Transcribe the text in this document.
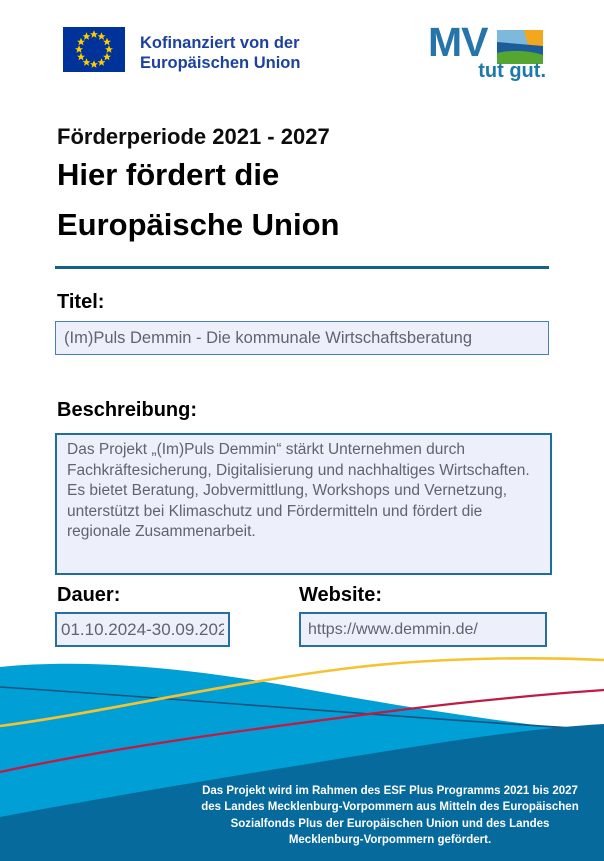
Kofinanziert von der
Europäischen Union	MV
tut gut.
Förderperiode 2021 - 2027
Hier fördert die
Europäische Union
Titel:
(Im)Puls Demmin - Die kommunale Wirtschaftsberatung
Beschreibung:
Das Projekt „(Im)Puls Demmin“ stärkt Unternehmen durch Fachkräftesicherung, Digitalisierung und nachhaltiges Wirtschaften. Es bietet Beratung, Jobvermittlung, Workshops und Vernetzung, unterstützt bei Klimaschutz und Fördermitteln und fördert die regionale Zusammenarbeit.
Dauer:
01.10.2024-30.09.2025	Website:
https://www.demmin.de/
Das Projekt wird im Rahmen des ESF Plus Programms 2021 bis 2027 des Landes Mecklenburg-Vorpommern aus Mitteln des Europäischen Sozialfonds Plus der Europäischen Union und des Landes Mecklenburg-Vorpommern gefördert.
